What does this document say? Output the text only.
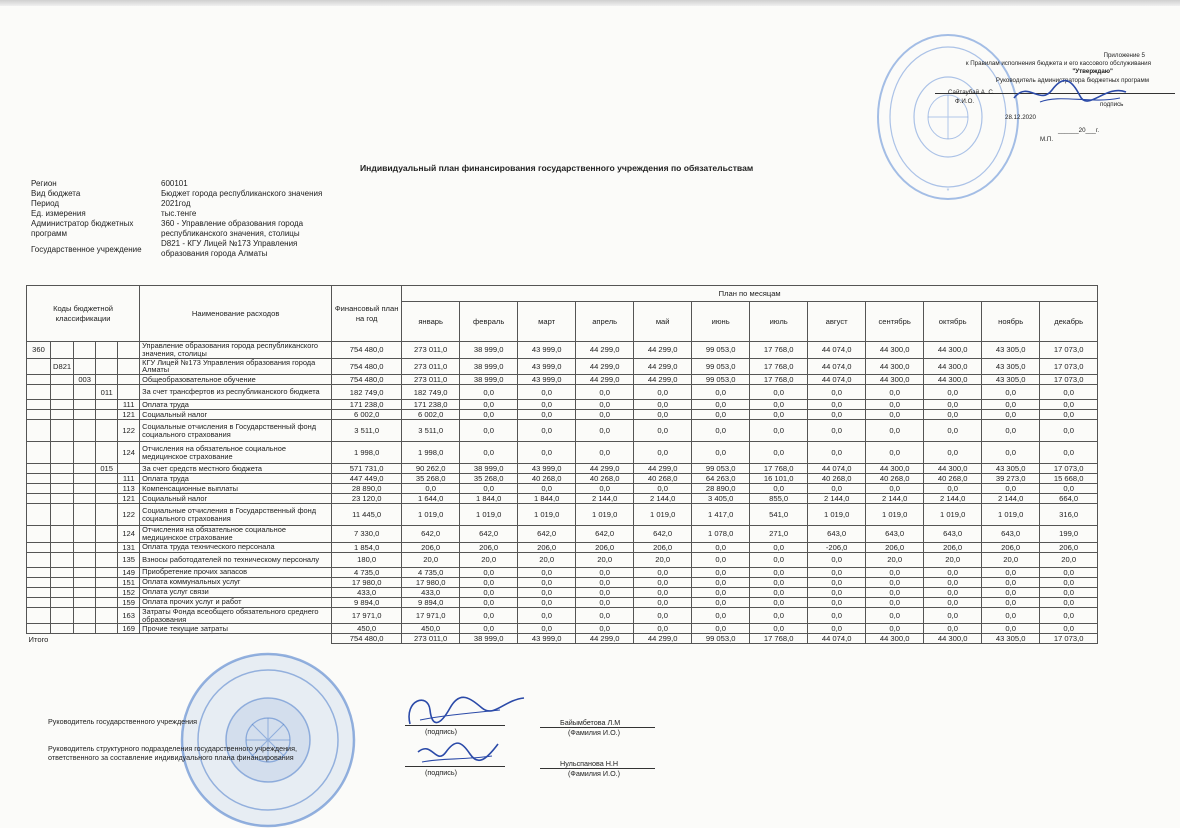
*
Приложение 5
к Правилам исполнения бюджета и его кассового обслуживания
"Утверждаю"
Руководитель администратора бюджетных программ
Сайтаубай А. С.
Ф.И.О.	подпись
28.12.2020
______20___г.
М.П.
Индивидуальный план финансирования государственного учреждения по обязательствам
Регион	600101
Вид бюджета	Бюджет города республиканского значения
Период	2021год
Ед. измерения	тыс.тенге
Администратор бюджетных программ
360 - Управление образования города республиканского значения, столицы
Государственное учреждение
D821 - КГУ Лицей №173 Управления образования города Алматы
Коды бюджетной классификации					Наименование расходов	Финансовый план на год	План по месяцам											
							январь	февраль	март	апрель	май	июнь	июль	август	сентябрь	октябрь	ноябрь	декабрь
360					Управление образования города республиканского значения, столицы	754 480,0	273 011,0	38 999,0	43 999,0	44 299,0	44 299,0	99 053,0	17 768,0	44 074,0	44 300,0	44 300,0	43 305,0	17 073,0
	D821				КГУ Лицей №173 Управления образования города Алматы	754 480,0	273 011,0	38 999,0	43 999,0	44 299,0	44 299,0	99 053,0	17 768,0	44 074,0	44 300,0	44 300,0	43 305,0	17 073,0
		003			Общеобразовательное обучение	754 480,0	273 011,0	38 999,0	43 999,0	44 299,0	44 299,0	99 053,0	17 768,0	44 074,0	44 300,0	44 300,0	43 305,0	17 073,0
			011		За счет трансфертов из республиканского бюджета	182 749,0	182 749,0	0,0	0,0	0,0	0,0	0,0	0,0	0,0	0,0	0,0	0,0	0,0
				111	Оплата труда	171 238,0	171 238,0	0,0	0,0	0,0	0,0	0,0	0,0	0,0	0,0	0,0	0,0	0,0
				121	Социальный налог	6 002,0	6 002,0	0,0	0,0	0,0	0,0	0,0	0,0	0,0	0,0	0,0	0,0	0,0
				122	Социальные отчисления в Государственный фонд социального страхования	3 511,0	3 511,0	0,0	0,0	0,0	0,0	0,0	0,0	0,0	0,0	0,0	0,0	0,0
				124	Отчисления на обязательное социальное медицинское страхование	1 998,0	1 998,0	0,0	0,0	0,0	0,0	0,0	0,0	0,0	0,0	0,0	0,0	0,0
			015		За счет средств местного бюджета	571 731,0	90 262,0	38 999,0	43 999,0	44 299,0	44 299,0	99 053,0	17 768,0	44 074,0	44 300,0	44 300,0	43 305,0	17 073,0
				111	Оплата труда	447 449,0	35 268,0	35 268,0	40 268,0	40 268,0	40 268,0	64 263,0	16 101,0	40 268,0	40 268,0	40 268,0	39 273,0	15 668,0
				113	Компенсационные выплаты	28 890,0	0,0	0,0	0,0	0,0	0,0	28 890,0	0,0	0,0	0,0	0,0	0,0	0,0
				121	Социальный налог	23 120,0	1 644,0	1 844,0	1 844,0	2 144,0	2 144,0	3 405,0	855,0	2 144,0	2 144,0	2 144,0	2 144,0	664,0
				122	Социальные отчисления в Государственный фонд социального страхования	11 445,0	1 019,0	1 019,0	1 019,0	1 019,0	1 019,0	1 417,0	541,0	1 019,0	1 019,0	1 019,0	1 019,0	316,0
				124	Отчисления на обязательное социальное медицинское страхование	7 330,0	642,0	642,0	642,0	642,0	642,0	1 078,0	271,0	643,0	643,0	643,0	643,0	199,0
				131	Оплата труда технического персонала	1 854,0	206,0	206,0	206,0	206,0	206,0	0,0	0,0	-206,0	206,0	206,0	206,0	206,0
				135	Взносы работодателей по техническому персоналу	180,0	20,0	20,0	20,0	20,0	20,0	0,0	0,0	0,0	20,0	20,0	20,0	20,0
				149	Приобретение прочих запасов	4 735,0	4 735,0	0,0	0,0	0,0	0,0	0,0	0,0	0,0	0,0	0,0	0,0	0,0
				151	Оплата коммунальных услуг	17 980,0	17 980,0	0,0	0,0	0,0	0,0	0,0	0,0	0,0	0,0	0,0	0,0	0,0
				152	Оплата услуг связи	433,0	433,0	0,0	0,0	0,0	0,0	0,0	0,0	0,0	0,0	0,0	0,0	0,0
				159	Оплата прочих услуг и работ	9 894,0	9 894,0	0,0	0,0	0,0	0,0	0,0	0,0	0,0	0,0	0,0	0,0	0,0
				163	Затраты Фонда всеобщего обязательного среднего образования	17 971,0	17 971,0	0,0	0,0	0,0	0,0	0,0	0,0	0,0	0,0	0,0	0,0	0,0
				169	Прочие текущие затраты	450,0	450,0	0,0	0,0	0,0	0,0	0,0	0,0	0,0	0,0	0,0	0,0	0,0
Итого						754 480,0	273 011,0	38 999,0	43 999,0	44 299,0	44 299,0	99 053,0	17 768,0	44 074,0	44 300,0	44 300,0	43 305,0	17 073,0
Руководитель государственного учреждения
(подпись)
Байымбетова Л.М
(Фамилия И.О.)
Руководитель структурного подразделения государственного учреждения,
ответственного за составление индивидуального плана финансирования
(подпись)
Нульспанова Н.Н
(Фамилия И.О.)
